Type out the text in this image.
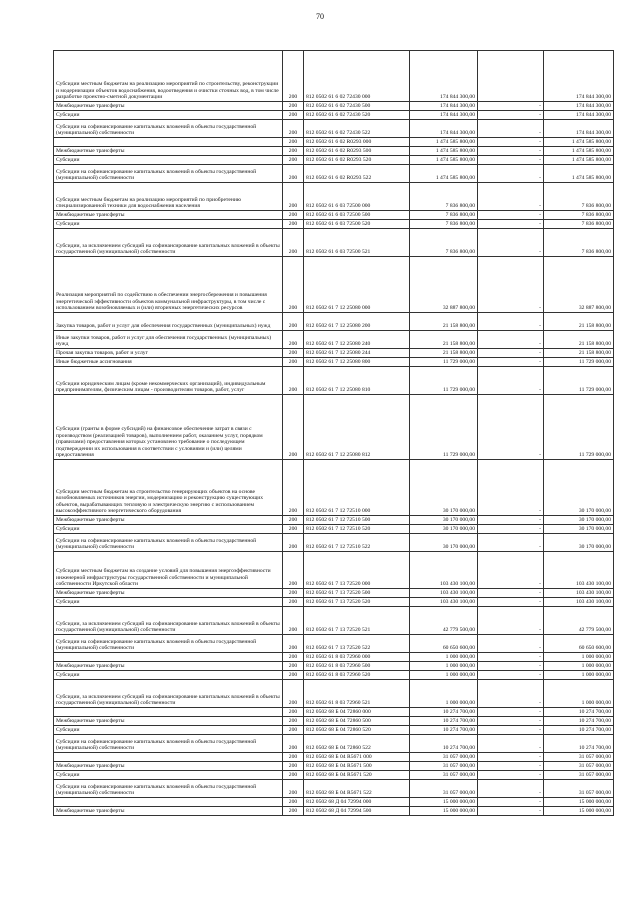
70
Субсидии местным бюджетам на реализацию мероприятий по строительству, реконструкции и модернизации объектов водоснабжения, водоотведения и очистки сточных вод, в том числе разработке проектно-сметной документации	200	812 0502 61 6 02 72430 000	174 844 300,00		174 844 300,00
Межбюджетные трансферты	200	812 0502 61 6 02 72430 500	174 844 300,00	-	174 844 300,00
Субсидии	200	812 0502 61 6 02 72430 520	174 844 300,00	-	174 844 300,00
Субсидии на софинансирование капитальных вложений в объекты государственной (муниципальной) собственности	200	812 0502 61 6 02 72430 522	174 844 300,00	-	174 844 300,00
	200	812 0502 61 6 02 R0293 000	1 474 585 800,00	-	1 474 585 800,00
Межбюджетные трансферты	200	812 0502 61 6 02 R0293 500	1 474 585 800,00	-	1 474 585 800,00
Субсидии	200	812 0502 61 6 02 R0293 520	1 474 585 800,00	-	1 474 585 800,00
Субсидии на софинансирование капитальных вложений в объекты государственной (муниципальной) собственности	200	812 0502 61 6 02 R0293 522	1 474 585 800,00	-	1 474 585 800,00
Субсидии местным бюджетам на реализацию мероприятий по приобретению специализированной техники для водоснабжения населения	200	812 0502 61 6 03 72500 000	7 836 800,00	-	7 836 800,00
Межбюджетные трансферты	200	812 0502 61 6 03 72500 500	7 836 800,00	-	7 836 800,00
Субсидии	200	812 0502 61 6 03 72500 520	7 836 800,00	-	7 836 800,00
Субсидии, за исключением субсидий на софинансирование капитальных вложений в объекты государственной (муниципальной) собственности	200	812 0502 61 6 03 72500 521	7 836 800,00	-	7 836 800,00
Реализация мероприятий по содействию в обеспечении энергосбережения и повышения энергетической эффективности объектов коммунальной инфраструктуры, в том числе с использованием возобновляемых и (или) вторичных энергетических ресурсов	200	812 0502 61 7 12 25080 000	32 887 800,00	-	32 887 800,00
Закупка товаров, работ и услуг для обеспечения государственных (муниципальных) нужд	200	812 0502 61 7 12 25080 200	21 158 800,00	-	21 158 800,00
Иные закупки товаров, работ и услуг для обеспечения государственных (муниципальных) нужд	200	812 0502 61 7 12 25080 240	21 158 800,00	-	21 158 800,00
Прочая закупка товаров, работ и услуг	200	812 0502 61 7 12 25080 244	21 158 800,00	-	21 158 800,00
Иные бюджетные ассигнования	200	812 0502 61 7 12 25080 800	11 729 000,00	-	11 729 000,00
Субсидии юридическим лицам (кроме некоммерческих организаций), индивидуальным предпринимателям, физическим лицам - производителям товаров, работ, услуг	200	812 0502 61 7 12 25080 810	11 729 000,00	-	11 729 000,00
Субсидии (гранты в форме субсидий) на финансовое обеспечение затрат в связи с производством (реализацией товаров), выполнением работ, оказанием услуг, порядком (правилами) предоставления которых установлено требование о последующем подтверждении их использования в соответствии с условиями и (или) целями предоставления	200	812 0502 61 7 12 25080 812	11 729 000,00	-	11 729 000,00
Субсидии местным бюджетам на строительство генерирующих объектов на основе возобновляемых источников энергии, модернизацию и реконструкцию существующих объектов, вырабатывающих тепловую и электрическую энергию с использованием высокоэффективного энергетического оборудования	200	812 0502 61 7 12 72510 000	30 170 000,00	-	30 170 000,00
Межбюджетные трансферты	200	812 0502 61 7 12 72510 500	30 170 000,00	-	30 170 000,00
Субсидии	200	812 0502 61 7 12 72510 520	30 170 000,00	-	30 170 000,00
Субсидии на софинансирование капитальных вложений в объекты государственной (муниципальной) собственности	200	812 0502 61 7 12 72510 522	30 170 000,00	-	30 170 000,00
Субсидии местным бюджетам на создание условий для повышения энергоэффективности инженерной инфраструктуры государственной собственности и муниципальной собственности Иркутской области	200	812 0502 61 7 13 72520 000	103 430 100,00	-	103 430 100,00
Межбюджетные трансферты	200	812 0502 61 7 13 72520 500	103 430 100,00	-	103 430 100,00
Субсидии	200	812 0502 61 7 13 72520 520	103 430 100,00	-	103 430 100,00
Субсидии, за исключением субсидий на софинансирование капитальных вложений в объекты государственной (муниципальной) собственности	200	812 0502 61 7 13 72520 521	42 779 500,00	-	42 779 500,00
Субсидии на софинансирование капитальных вложений в объекты государственной (муниципальной) собственности	200	812 0502 61 7 13 72520 522	60 650 600,00	-	60 650 600,00
	200	812 0502 61 8 03 72960 000	1 000 000,00	-	1 000 000,00
Межбюджетные трансферты	200	812 0502 61 8 03 72960 500	1 000 000,00	-	1 000 000,00
Субсидии	200	812 0502 61 8 03 72960 520	1 000 000,00	-	1 000 000,00
Субсидии, за исключением субсидий на софинансирование капитальных вложений в объекты государственной (муниципальной) собственности	200	812 0502 61 8 03 72960 521	1 000 000,00	-	1 000 000,00
	200	812 0502 68 Б 04 72860 000	10 274 700,00	-	10 274 700,00
Межбюджетные трансферты	200	812 0502 68 Б 04 72860 500	10 274 700,00	-	10 274 700,00
Субсидии	200	812 0502 68 Б 04 72860 520	10 274 700,00	-	10 274 700,00
Субсидии на софинансирование капитальных вложений в объекты государственной (муниципальной) собственности	200	812 0502 68 Б 04 72860 522	10 274 700,00	-	10 274 700,00
	200	812 0502 68 Б 04 R5671 000	31 057 000,00	-	31 057 000,00
Межбюджетные трансферты	200	812 0502 68 Б 04 R5671 500	31 057 000,00	-	31 057 000,00
Субсидии	200	812 0502 68 Б 04 R5671 520	31 057 000,00	-	31 057 000,00
Субсидии на софинансирование капитальных вложений в объекты государственной (муниципальной) собственности	200	812 0502 68 Б 04 R5671 522	31 057 000,00	-	31 057 000,00
	200	812 0502 68 Д 04 72994 000	15 000 000,00	-	15 000 000,00
Межбюджетные трансферты	200	812 0502 68 Д 04 72994 500	15 000 000,00	-	15 000 000,00
